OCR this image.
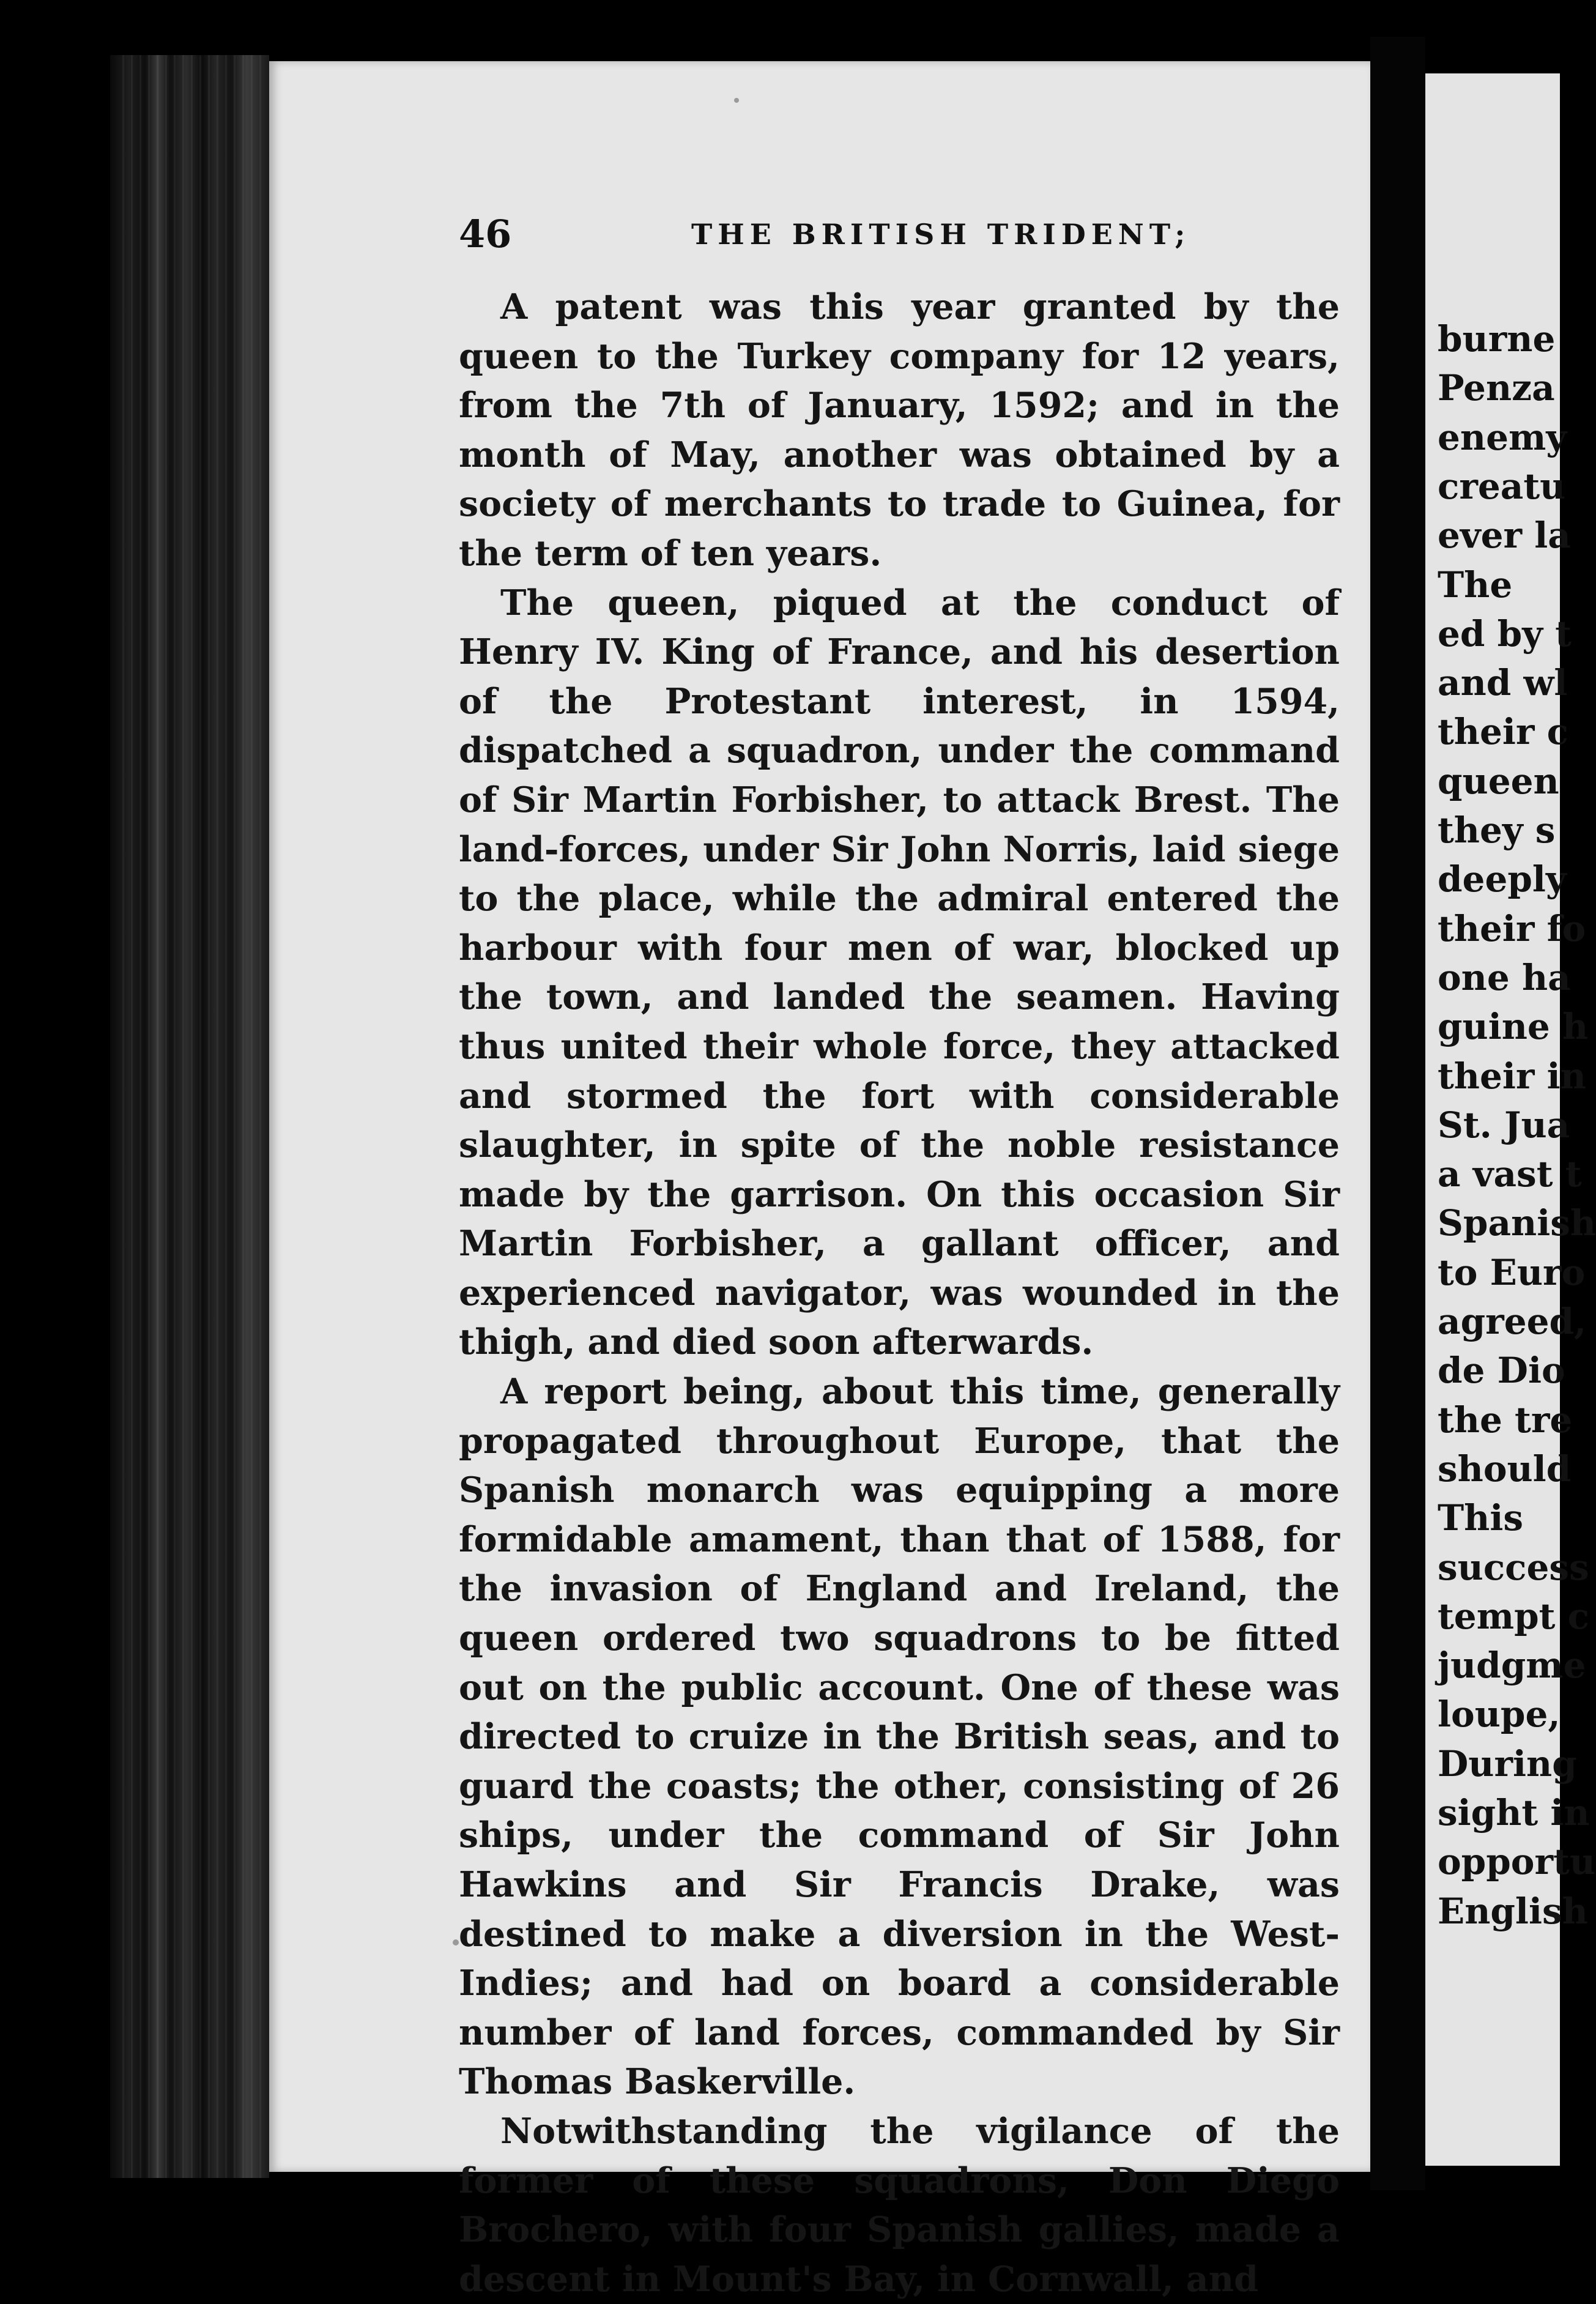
46	THE BRITISH TRIDENT;

A patent was this year granted by the queen to the Turkey company for 12 years, from the 7th of January, 1592; and in the month of May, another was obtained by a society of merchants to trade to Guinea, for the term of ten years.

The queen, piqued at the conduct of Henry IV. King of France, and his desertion of the Protestant interest, in 1594, dispatched a squadron, under the command of Sir Martin Forbisher, to attack Brest. The land-forces, under Sir John Norris, laid siege to the place, while the admiral entered the harbour with four men of war, blocked up the town, and landed the seamen. Having thus united their whole force, they attacked and stormed the fort with considerable slaughter, in spite of the noble resistance made by the garrison. On this occasion Sir Martin Forbisher, a gallant officer, and experienced navigator, was wounded in the thigh, and died soon afterwards.

A report being, about this time, generally propagated throughout Europe, that the Spanish monarch was equipping a more formidable amament, than that of 1588, for the invasion of England and Ireland, the queen ordered two squadrons to be fitted out on the public account. One of these was directed to cruize in the British seas, and to guard the coasts; the other, consisting of 26 ships, under the command of Sir John Hawkins and Sir Francis Drake, was destined to make a diversion in the West-Indies; and had on board a considerable number of land forces, commanded by Sir Thomas Baskerville.

Notwithstanding the vigilance of the former of these squadrons, Don Diego Brochero, with four Spanish gallies, made a descent in Mount's Bay, in Cornwall, and

burne
Penza
enemy
creatu
ever la
The
ed by t
and wl
their c
queen
they s
deeply
their fo
one ha
guine h
their in
St. Jua
a vast t
Spanish
to Euro
agreed,
de Dio
the tre
should
This
success
tempt c
judgme
loupe,
During
sight in
opportu
English
